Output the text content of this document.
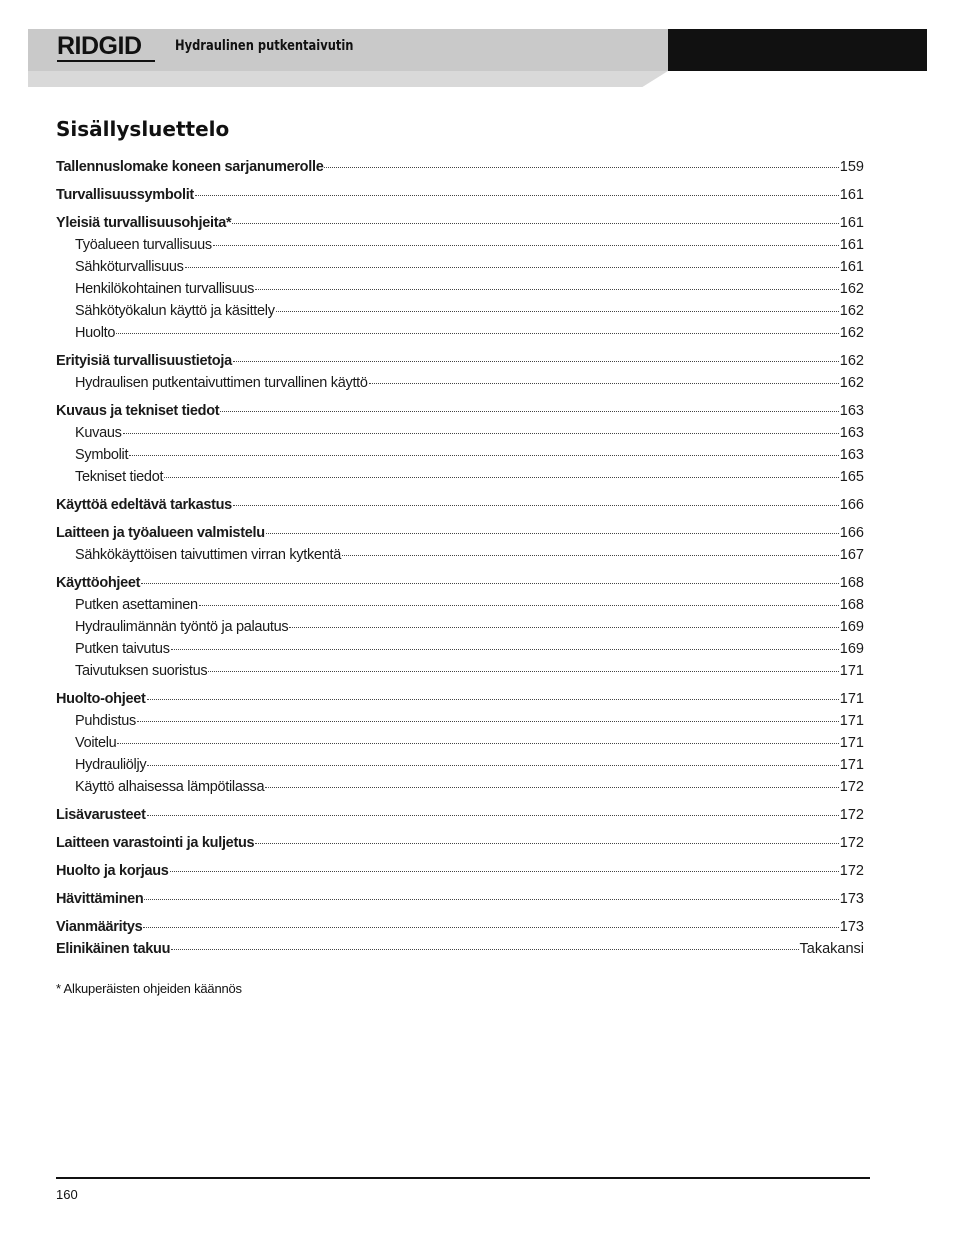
RIDGID Hydraulinen putkentaivutin
Sisällysluettelo
Tallennuslomake koneen sarjanumerolle	159
Turvallisuussymbolit	161
Yleisiä turvallisuusohjeita*	161
Työalueen turvallisuus	161
Sähköturvallisuus	161
Henkilökohtainen turvallisuus	162
Sähkötyökalun käyttö ja käsittely	162
Huolto	162
Erityisiä turvallisuustietoja	162
Hydraulisen putkentaivuttimen turvallinen käyttö	162
Kuvaus ja tekniset tiedot	163
Kuvaus	163
Symbolit	163
Tekniset tiedot	165
Käyttöä edeltävä tarkastus	166
Laitteen ja työalueen valmistelu	166
Sähkökäyttöisen taivuttimen virran kytkentä	167
Käyttöohjeet	168
Putken asettaminen	168
Hydraulimännän työntö ja palautus	169
Putken taivutus	169
Taivutuksen suoristus	171
Huolto-ohjeet	171
Puhdistus	171
Voitelu	171
Hydrauliöljy	171
Käyttö alhaisessa lämpötilassa	172
Lisävarusteet	172
Laitteen varastointi ja kuljetus	172
Huolto ja korjaus	172
Hävittäminen	173
Vianmääritys	173
Elinikäinen takuu	Takakansi
* Alkuperäisten ohjeiden käännös
160
